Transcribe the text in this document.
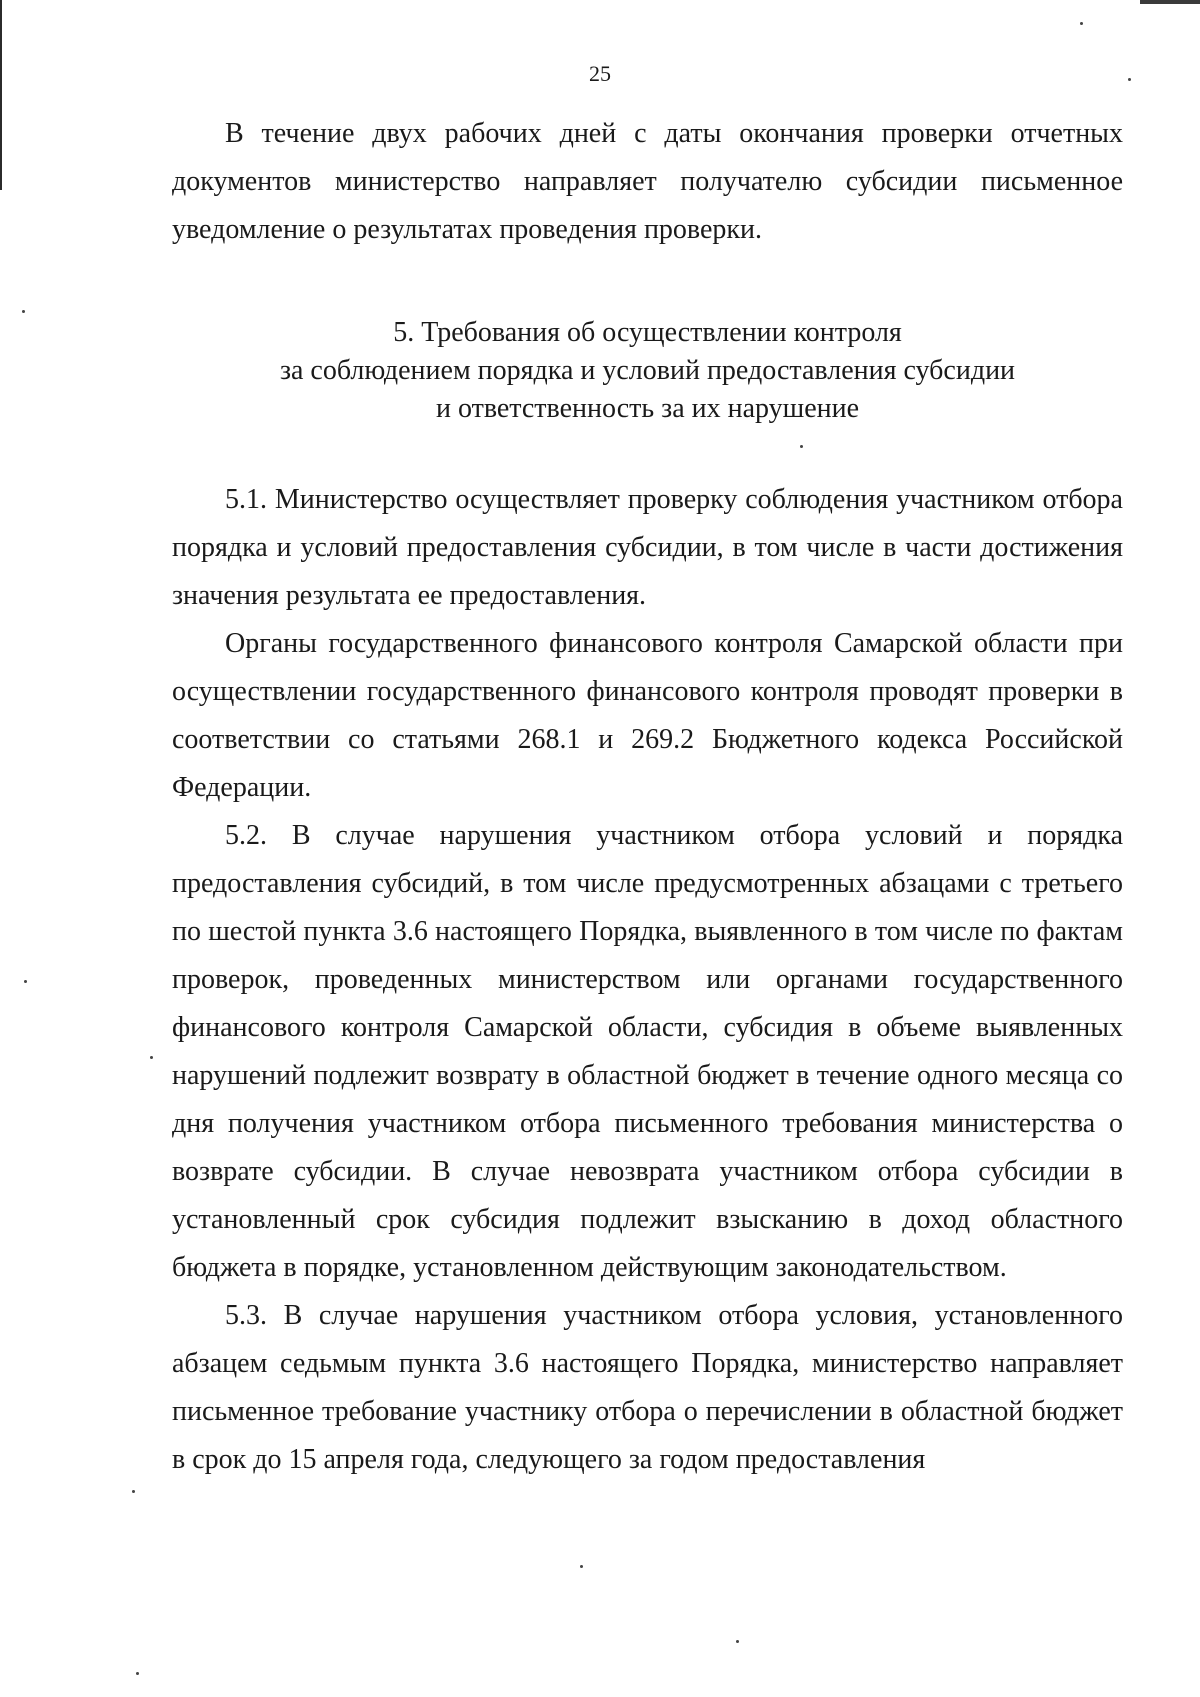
25

В течение двух рабочих дней с даты окончания проверки отчетных документов министерство направляет получателю субсидии письменное уведомление о результатах проведения проверки.

5. Требования об осуществлении контроля
за соблюдением порядка и условий предоставления субсидии
и ответственность за их нарушение

5.1. Министерство осуществляет проверку соблюдения участником отбора порядка и условий предоставления субсидии, в том числе в части достижения значения результата ее предоставления.

Органы государственного финансового контроля Самарской области при осуществлении государственного финансового контроля проводят проверки в соответствии со статьями 268.1 и 269.2 Бюджетного кодекса Российской Федерации.

5.2. В случае нарушения участником отбора условий и порядка предоставления субсидий, в том числе предусмотренных абзацами с третьего по шестой пункта 3.6 настоящего Порядка, выявленного в том числе по фактам проверок, проведенных министерством или органами государственного финансового контроля Самарской области, субсидия в объеме выявленных нарушений подлежит возврату в областной бюджет в течение одного месяца со дня получения участником отбора письменного требования министерства о возврате субсидии. В случае невозврата участником отбора субсидии в установленный срок субсидия подлежит взысканию в доход областного бюджета в порядке, установленном действующим законодательством.

5.3. В случае нарушения участником отбора условия, установленного абзацем седьмым пункта 3.6 настоящего Порядка, министерство направляет письменное требование участнику отбора о перечислении в областной бюджет в срок до 15 апреля года, следующего за годом предоставления
